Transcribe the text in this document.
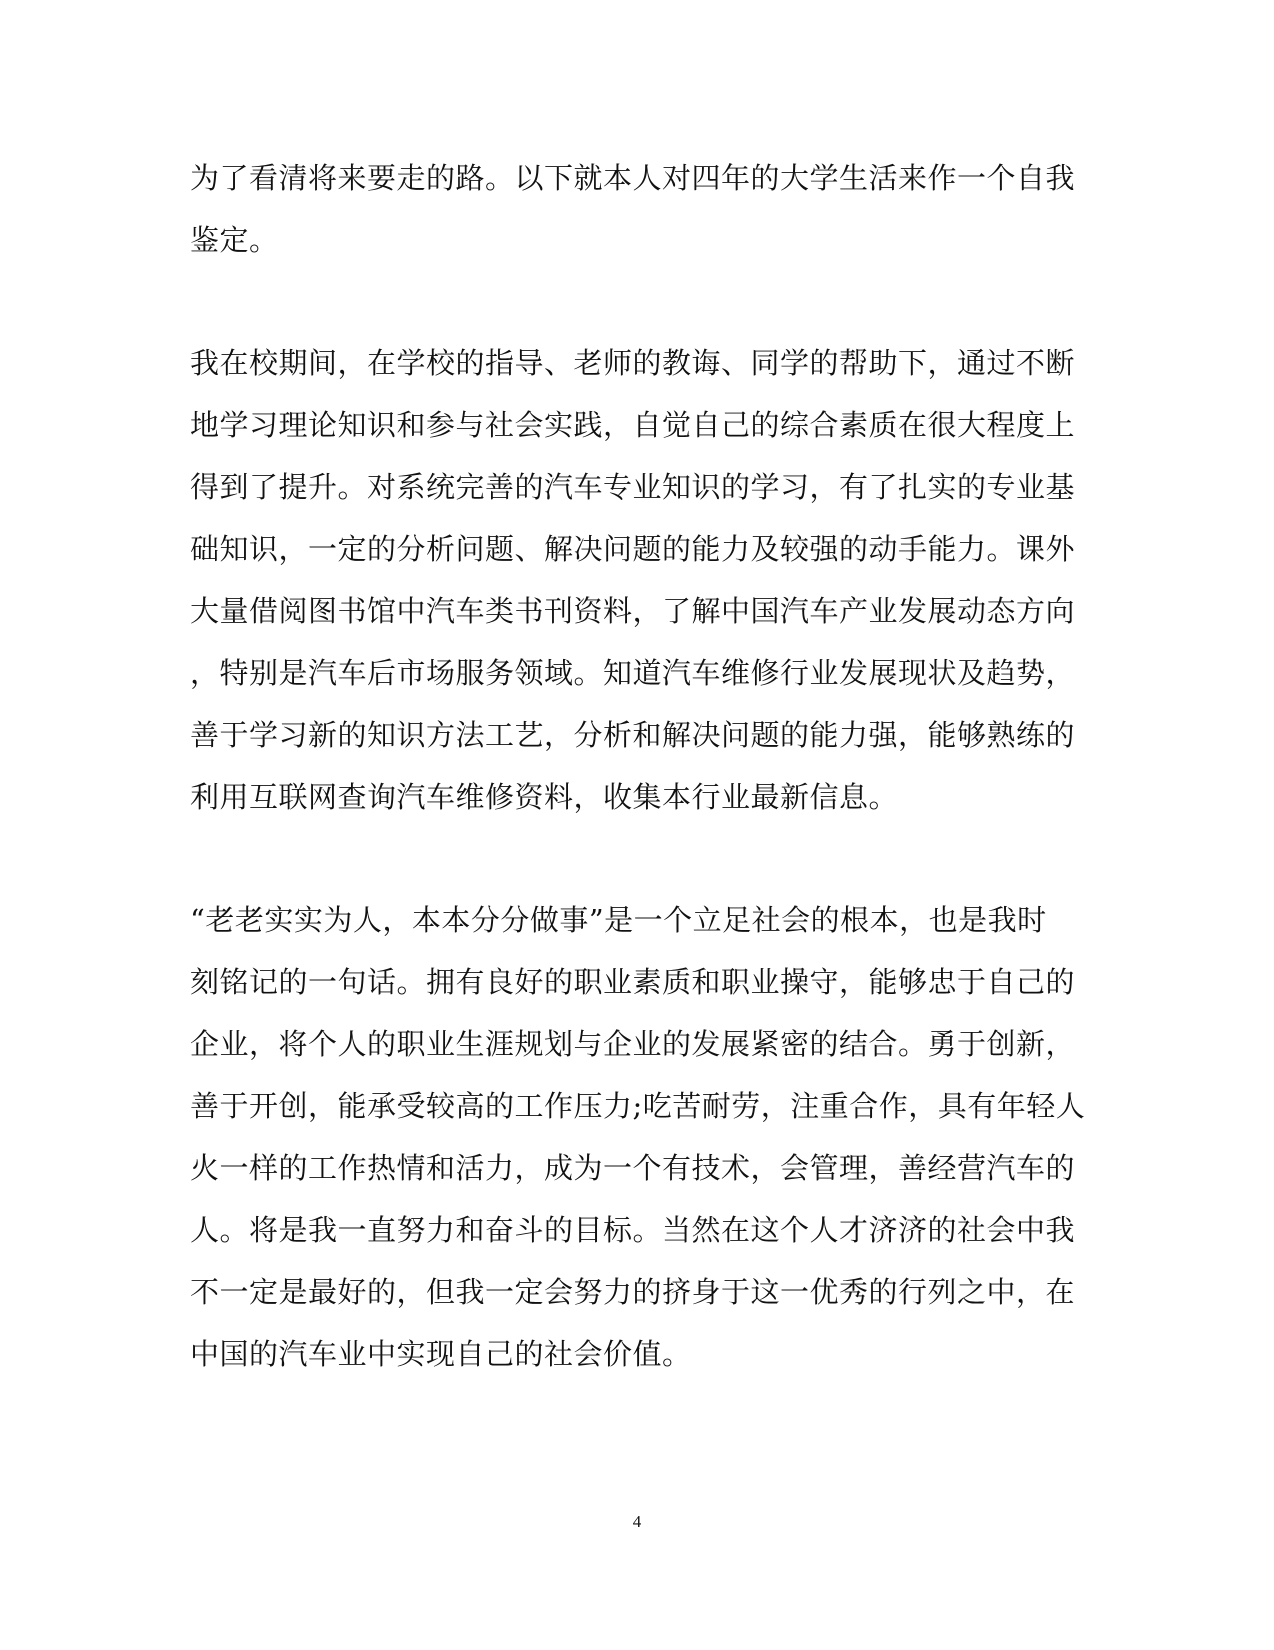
为了看清将来要走的路。以下就本人对四年的大学生活来作一个自我
鉴定。
我在校期间，在学校的指导、老师的教诲、同学的帮助下，通过不断
地学习理论知识和参与社会实践，自觉自己的综合素质在很大程度上
得到了提升。对系统完善的汽车专业知识的学习，有了扎实的专业基
础知识，一定的分析问题、解决问题的能力及较强的动手能力。课外
大量借阅图书馆中汽车类书刊资料，了解中国汽车产业发展动态方向
，特别是汽车后市场服务领域。知道汽车维修行业发展现状及趋势，
善于学习新的知识方法工艺，分析和解决问题的能力强，能够熟练的
利用互联网查询汽车维修资料，收集本行业最新信息。
“老老实实为人，本本分分做事”是一个立足社会的根本，也是我时
刻铭记的一句话。拥有良好的职业素质和职业操守，能够忠于自己的
企业，将个人的职业生涯规划与企业的发展紧密的结合。勇于创新，
善于开创，能承受较高的工作压力;吃苦耐劳，注重合作，具有年轻人
火一样的工作热情和活力，成为一个有技术，会管理，善经营汽车的
人。将是我一直努力和奋斗的目标。当然在这个人才济济的社会中我
不一定是最好的，但我一定会努力的挤身于这一优秀的行列之中，在
中国的汽车业中实现自己的社会价值。
4
